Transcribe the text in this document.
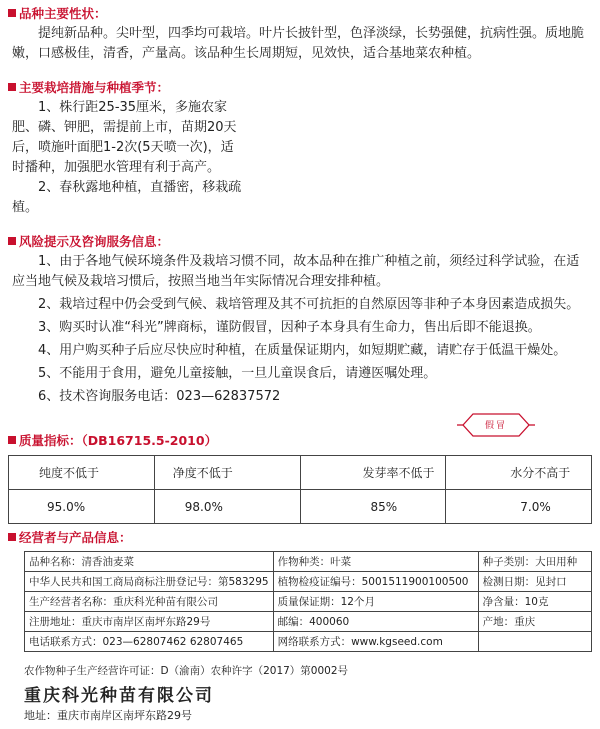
品种主要性状：

提纯新品种。尖叶型，四季均可栽培。叶片长披针型，色泽淡绿，长势强健，抗病性强。质地脆嫩，口感极佳，清香，产量高。该品种生长周期短，见效快，适合基地菜农种植。

主要栽培措施与种植季节：

1、株行距25-35厘米，多施农家肥、磷、钾肥，需提前上市，苗期20天后，喷施叶面肥1-2次(5天喷一次)，适时播种，加强肥水管理有利于高产。

2、春秋露地种植，直播密，移栽疏植。

风险提示及咨询服务信息：

1、由于各地气候环境条件及栽培习惯不同，故本品种在推广种植之前，须经过科学试验，在适应当地气候及栽培习惯后，按照当地当年实际情况合理安排种植。

2、栽培过程中仍会受到气候、栽培管理及其不可抗拒的自然原因等非种子本身因素造成损失。

3、购买时认准“科光”牌商标，谨防假冒，因种子本身具有生命力，售出后即不能退换。

4、用户购买种子后应尽快应时种植，在质量保证期内，如短期贮藏，请贮存于低温干燥处。

5、不能用于食用，避免儿童接触，一旦儿童误食后，请遵医嘱处理。

6、技术咨询服务电话：023—62837572

假冒
质量指标：（DB16715.5-2010）
纯度不低于	净度不低于	发芽率不低于	水分不高于
95.0%	98.0%	85%	7.0%
经营者与产品信息：
品种名称：清香油麦菜	作物种类：叶菜	种子类别：大田用种
中华人民共和国工商局商标注册登记号：第583295	植物检疫证编号：5001511900100500	检测日期：见封口
生产经营者名称：重庆科光种苗有限公司	质量保证期：12个月	净含量：10克
注册地址：重庆市南岸区南坪东路29号	邮编：400060	产地：重庆
电话联系方式：023—62807462 62807465	网络联系方式：www.kgseed.com	
农作物种子生产经营许可证：D（渝南）农种许字（2017）第0002号
重庆科光种苗有限公司
地址：重庆市南岸区南坪东路29号
